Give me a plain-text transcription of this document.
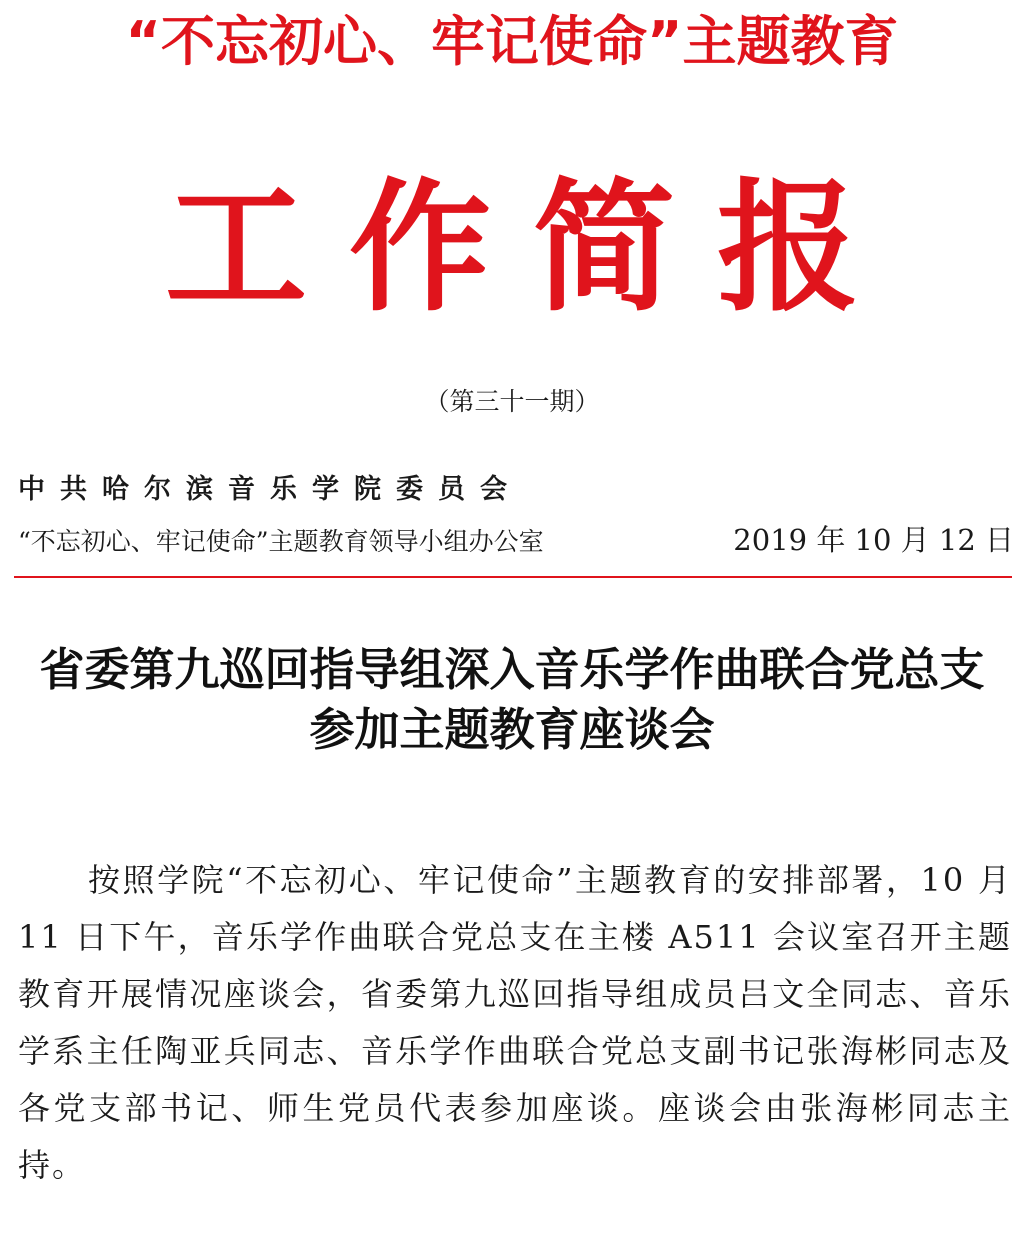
“不忘初心、牢记使命”主题教育
工作简报
（第三十一期）
中共哈尔滨音乐学院委员会
“不忘初心、牢记使命”主题教育领导小组办公室	2019 年 10 月 12 日
省委第九巡回指导组深入音乐学作曲联合党总支
参加主题教育座谈会
按照学院“不忘初心、牢记使命”主题教育的安排部署，10 月 11 日下午，音乐学作曲联合党总支在主楼 A511 会议室召开主题教育开展情况座谈会，省委第九巡回指导组成员吕文全同志、音乐学系主任陶亚兵同志、音乐学作曲联合党总支副书记张海彬同志及各党支部书记、师生党员代表参加座谈。座谈会由张海彬同志主持。
